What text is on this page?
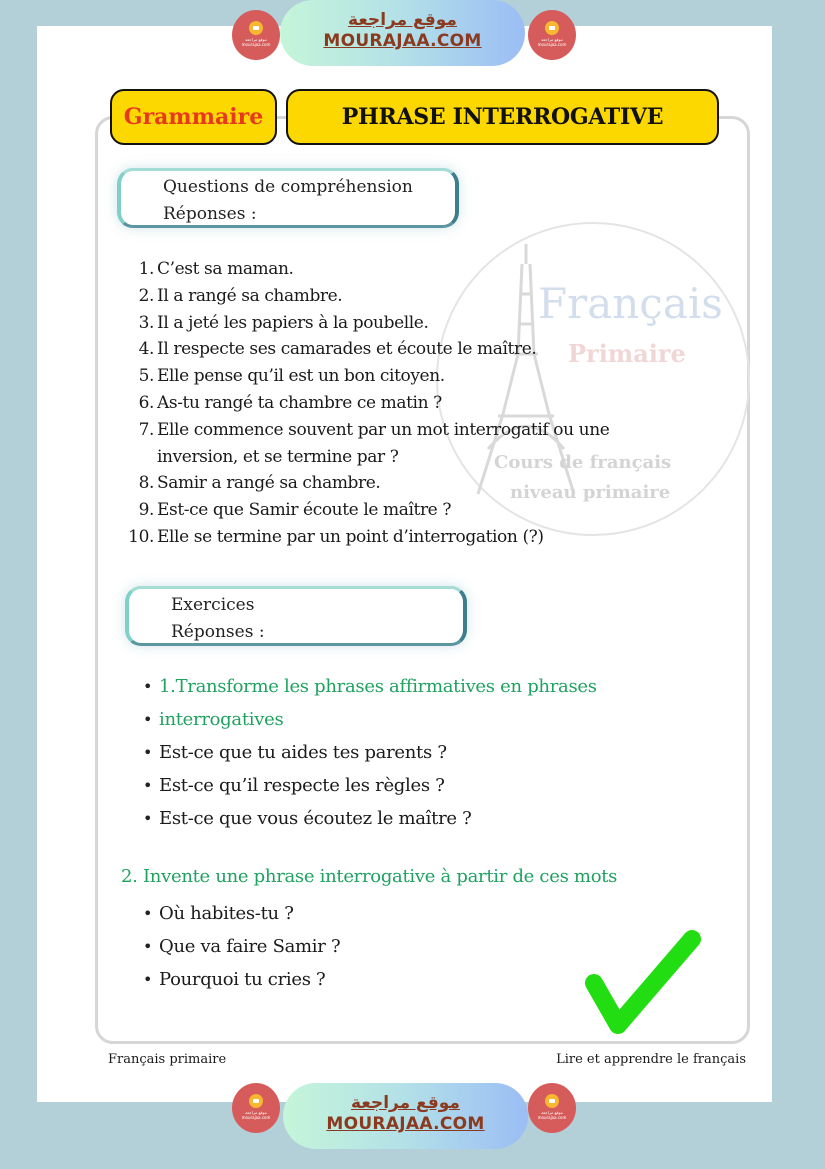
موقع مراجعة mourajaa.com
موقع مراجعة
MOURAJAA.COM	موقع مراجعة mourajaa.com
Grammaire	PHRASE INTERROGATIVE
Français
Primaire
Cours de français
niveau primaire
Questions de compréhension
Réponses :
1. C’est sa maman.
2. Il a rangé sa chambre.
3. Il a jeté les papiers à la poubelle.
4. Il respecte ses camarades et écoute le maître.
5. Elle pense qu’il est un bon citoyen.
6. As-tu rangé ta chambre ce matin ?
7. Elle commence souvent par un mot interrogatif ou une
inversion, et se termine par ?
8. Samir a rangé sa chambre.
9. Est-ce que Samir écoute le maître ?
10. Elle se termine par un point d’interrogation (?)
Exercices
Réponses :
• 1.Transforme les phrases affirmatives en phrases
• interrogatives
• Est-ce que tu aides tes parents ?
• Est-ce qu’il respecte les règles ?
• Est-ce que vous écoutez le maître ?
2. Invente une phrase interrogative à partir de ces mots
• Où habites-tu ?
• Que va faire Samir ?
• Pourquoi tu cries ?
Français primaire	Lire et apprendre le français
موقع مراجعة mourajaa.com
موقع مراجعة
MOURAJAA.COM
موقع مراجعة mourajaa.com
